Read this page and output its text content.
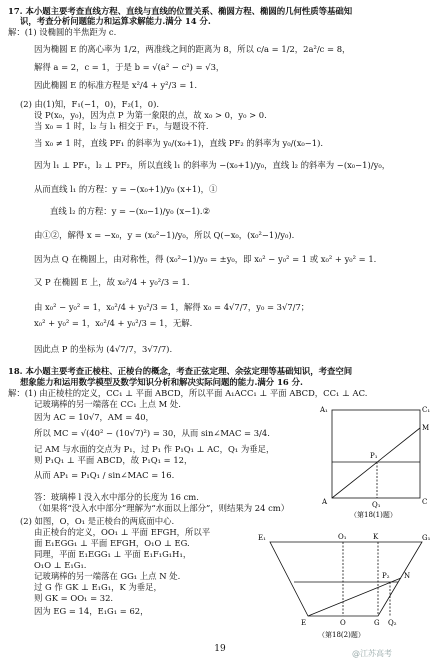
17. 本小题主要考查直线方程、直线与直线的位置关系、椭圆方程、椭圆的几何性质等基础知
识，考查分析问题能力和运算求解能力.满分 14 分.
解：(1) 设椭圆的半焦距为 c.
因为椭圆 E 的离心率为 1/2，两准线之间的距离为 8，所以 c/a = 1/2，2a²/c = 8，
解得 a = 2，c = 1，于是 b = √(a² − c²) = √3，
因此椭圆 E 的标准方程是 x²/4 + y²/3 = 1.
(2) 由(1)知，F₁(−1，0)，F₂(1，0).
设 P(x₀，y₀)，因为点 P 为第一象限的点，故 x₀ > 0，y₀ > 0.
当 x₀ = 1 时，l₂ 与 l₁ 相交于 F₁，与题设不符.
当 x₀ ≠ 1 时，直线 PF₁ 的斜率为 y₀/(x₀+1)，直线 PF₂ 的斜率为 y₀/(x₀−1).
因为 l₁ ⊥ PF₁，l₂ ⊥ PF₂，所以直线 l₁ 的斜率为 −(x₀+1)/y₀，直线 l₂ 的斜率为 −(x₀−1)/y₀，
从而直线 l₁ 的方程：y = −(x₀+1)/y₀ (x+1)，①
直线 l₂ 的方程：y = −(x₀−1)/y₀ (x−1).②
由①②，解得 x = −x₀，y = (x₀²−1)/y₀，所以 Q(−x₀，(x₀²−1)/y₀).
因为点 Q 在椭圆上，由对称性，得 (x₀²−1)/y₀ = ±y₀，即 x₀² − y₀² = 1 或 x₀² + y₀² = 1.
又 P 在椭圆 E 上，故 x₀²/4 + y₀²/3 = 1.
由 x₀² − y₀² = 1，x₀²/4 + y₀²/3 = 1，解得 x₀ = 4√7/7，y₀ = 3√7/7；
x₀² + y₀² = 1，x₀²/4 + y₀²/3 = 1，无解.
因此点 P 的坐标为 (4√7/7，3√7/7).
18. 本小题主要考查正棱柱、正棱台的概念，考查正弦定理、余弦定理等基础知识，考查空间
想象能力和运用数学模型及数学知识分析和解决实际问题的能力.满分 16 分.
解：(1) 由正棱柱的定义，CC₁ ⊥ 平面 ABCD，所以平面 A₁ACC₁ ⊥ 平面 ABCD，CC₁ ⊥ AC.
记玻璃棒的另一端落在 CC₁ 上点 M 处.
因为 AC = 10√7，AM = 40，
所以 MC = √(40² − (10√7)²) = 30，从而 sin∠MAC = 3/4.
记 AM 与水面的交点为 P₁，过 P₁ 作 P₁Q₁ ⊥ AC，Q₁ 为垂足，
则 P₁Q₁ ⊥ 平面 ABCD，故 P₁Q₁ = 12，
从而 AP₁ = P₁Q₁ / sin∠MAC = 16.
答：玻璃棒 l 没入水中部分的长度为 16 cm.
（如果将“没入水中部分”理解为“水面以上部分”，则结果为 24 cm）
(2) 如图，O，O₁ 是正棱台的两底面中心.
由正棱台的定义，OO₁ ⊥ 平面 EFGH，所以平
面 E₁EGG₁ ⊥ 平面 EFGH，O₁O ⊥ EG.
同理，平面 E₁EGG₁ ⊥ 平面 E₁F₁G₁H₁，
O₁O ⊥ E₁G₁.
记玻璃棒的另一端落在 GG₁ 上点 N 处.
过 G 作 GK ⊥ E₁G₁，K 为垂足，
则 GK = OO₁ = 32.
因为 EG = 14，E₁G₁ = 62，
A₁	C₁
M
P₁
A	Q₁	C
（第18(1)题）
E₁	O₁	K	G₁
N
P₂
E	O	G Q₂
（第18(2)题）
19	@江苏高考
